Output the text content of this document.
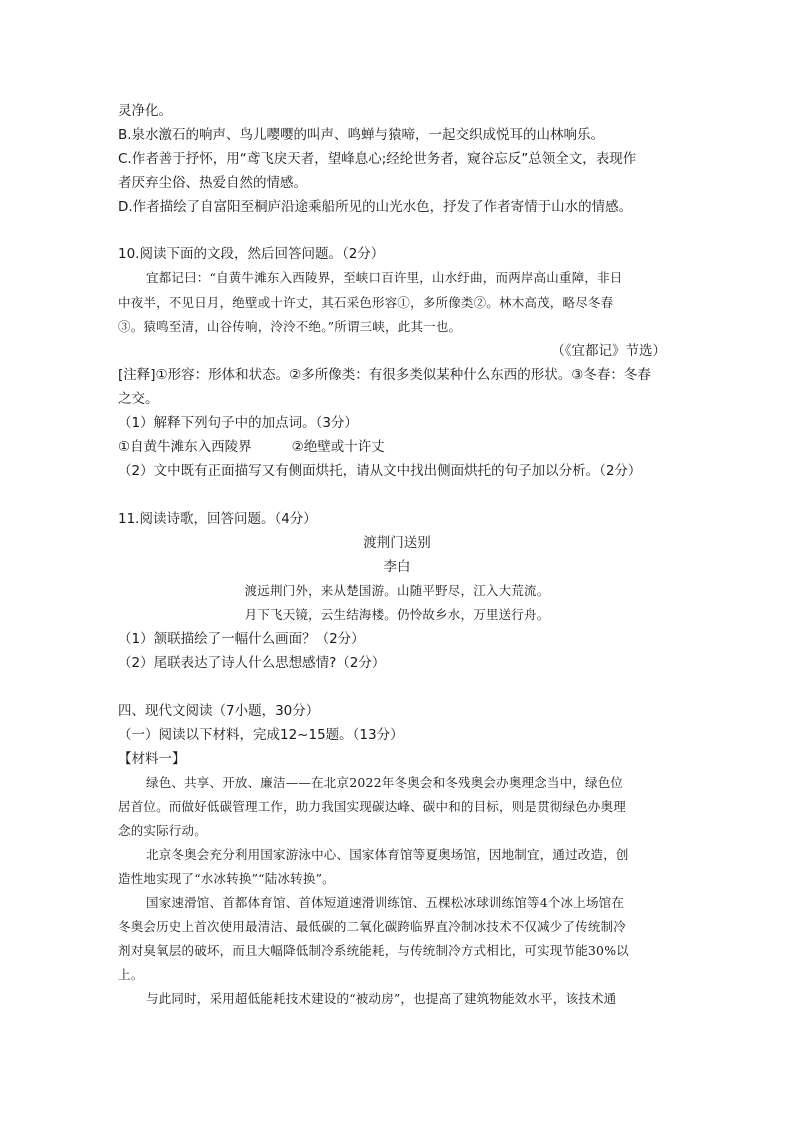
灵净化。
B.泉水激石的响声、鸟儿嘤嘤的叫声、鸣蝉与猿啼，一起交织成悦耳的山林响乐。
C.作者善于抒怀，用“鸢飞戾天者，望峰息心;经纶世务者，窥谷忘反”总领全文，表现作
者厌弃尘俗、热爱自然的情感。
D.作者描绘了自富阳至桐庐沿途乘船所见的山光水色，抒发了作者寄情于山水的情感。
10.阅读下面的文段，然后回答问题。（2分）
宜都记曰：“自黄牛滩东入西陵界，至峡口百许里，山水纡曲，而两岸高山重障，非日
中夜半，不见日月，绝壁或十许丈，其石采色形容①，多所像类②。林木高茂，略尽冬春
③。猿鸣至清，山谷传响，泠泠不绝。”所谓三峡，此其一也。
（《宜都记》节选）
[注释]①形容：形体和状态。②多所像类：有很多类似某种什么东西的形状。③冬春：冬春
之交。
（1）解释下列句子中的加点词。（3分）
①自黄牛滩东入西陵界	②绝壁或十许丈
（2）文中既有正面描写又有侧面烘托，请从文中找出侧面烘托的句子加以分析。（2分）
11.阅读诗歌，回答问题。（4分）
渡荆门送别
李白
渡远荆门外，来从楚国游。山随平野尽，江入大荒流。
月下飞天镜，云生结海楼。仍怜故乡水，万里送行舟。
（1）颔联描绘了一幅什么画面？（2分）
（2）尾联表达了诗人什么思想感情?（2分）
四、现代文阅读（7小题，30分）
（一）阅读以下材料，完成12~15题。（13分）
【材料一】
绿色、共享、开放、廉洁——在北京2022年冬奥会和冬残奥会办奥理念当中，绿色位
居首位。而做好低碳管理工作，助力我国实现碳达峰、碳中和的目标，则是贯彻绿色办奥理
念的实际行动。
北京冬奥会充分利用国家游泳中心、国家体育馆等夏奥场馆，因地制宜，通过改造，创
造性地实现了“水冰转换”“陆冰转换”。
国家速滑馆、首都体育馆、首体短道速滑训练馆、五棵松冰球训练馆等4个冰上场馆在
冬奥会历史上首次使用最清洁、最低碳的二氧化碳跨临界直冷制冰技术不仅减少了传统制冷
剂对臭氧层的破坏，而且大幅降低制冷系统能耗，与传统制冷方式相比，可实现节能30%以
上。
与此同时，采用超低能耗技术建设的“被动房”，也提高了建筑物能效水平，该技术通
